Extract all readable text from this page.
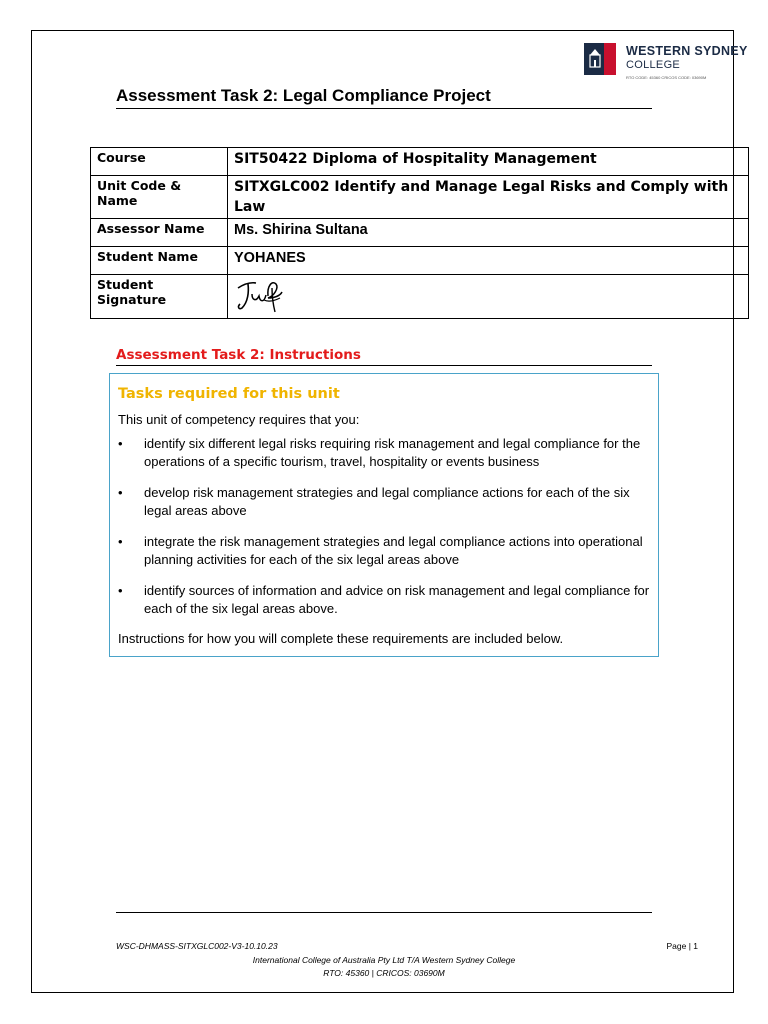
WESTERN SYDNEY
COLLEGE
RTO CODE: 45360 CRICOS CODE: 03690M
Assessment Task 2: Legal Compliance Project
Course	SIT50422 Diploma of Hospitality Management
Unit Code & Name	SITXGLC002 Identify and Manage Legal Risks and Comply with Law
Assessor Name	Ms. Shirina Sultana
Student Name	YOHANES
Student Signature	
Assessment Task 2: Instructions

Tasks required for this unit

This unit of competency requires that you:

• identify six different legal risks requiring risk management and legal compliance for the operations of a specific tourism, travel, hospitality or events business
• develop risk management strategies and legal compliance actions for each of the six legal areas above
• integrate the risk management strategies and legal compliance actions into operational planning activities for each of the six legal areas above
• identify sources of information and advice on risk management and legal compliance for each of the six legal areas above.

Instructions for how you will complete these requirements are included below.

WSC-DHMASS-SITXGLC002-V3-10.10.23	Page | 1
International College of Australia Pty Ltd T/A Western Sydney College
RTO: 45360 | CRICOS: 03690M
